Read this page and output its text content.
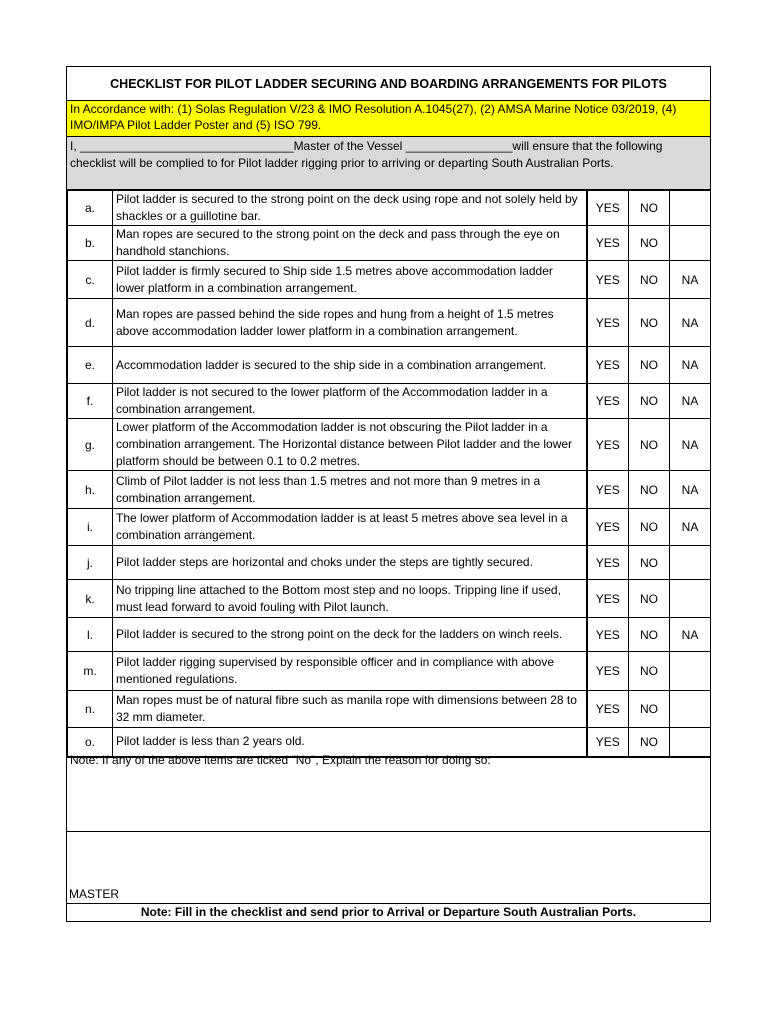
CHECKLIST FOR PILOT LADDER SECURING AND BOARDING ARRANGEMENTS FOR PILOTS
In Accordance with: (1) Solas Regulation V/23 & IMO Resolution A.1045(27), (2) AMSA Marine Notice 03/2019, (4) IMO/IMPA Pilot Ladder Poster and (5) ISO 799.
I, ________________________________Master of the Vessel ________________will ensure that the following checklist will be complied to for Pilot ladder rigging prior to arriving or departing South Australian Ports.
a.	Pilot ladder is secured to the strong point on the deck using rope and not solely held by shackles or a guillotine bar.	YES	NO	
b.	Man ropes are secured to the strong point on the deck and pass through the eye on handhold stanchions.	YES	NO	
c.	Pilot ladder is firmly secured to Ship side 1.5 metres above accommodation ladder lower platform in a combination arrangement.	YES	NO	NA
d.	Man ropes are passed behind the side ropes and hung from a height of 1.5 metres above accommodation ladder lower platform in a combination arrangement.	YES	NO	NA
e.	Accommodation ladder is secured to the ship side in a combination arrangement.	YES	NO	NA
f.	Pilot ladder is not secured to the lower platform of the Accommodation ladder in a combination arrangement.	YES	NO	NA
g.	Lower platform of the Accommodation ladder is not obscuring the Pilot ladder in a combination arrangement. The Horizontal distance between Pilot ladder and the lower platform should be between 0.1 to 0.2 metres.	YES	NO	NA
h.	Climb of Pilot ladder is not less than 1.5 metres and not more than 9 metres in a combination arrangement.	YES	NO	NA
i.	The lower platform of Accommodation ladder is at least 5 metres above sea level in a combination arrangement.	YES	NO	NA
j.	Pilot ladder steps are horizontal and choks under the steps are tightly secured.	YES	NO	
k.	No tripping line attached to the Bottom most step and no loops. Tripping line if used, must lead forward to avoid fouling with Pilot launch.	YES	NO	
l.	Pilot ladder is secured to the strong point on the deck for the ladders on winch reels.	YES	NO	NA
m.	Pilot ladder rigging supervised by responsible officer and in compliance with above mentioned regulations.	YES	NO	
n.	Man ropes must be of natural fibre such as manila rope with dimensions between 28 to 32 mm diameter.	YES	NO	
o.	Pilot ladder is less than 2 years old.	YES	NO	
Note: If any of the above items are ticked "No", Explain the reason for doing so:
MASTER
Note: Fill in the checklist and send prior to Arrival or Departure South Australian Ports.
